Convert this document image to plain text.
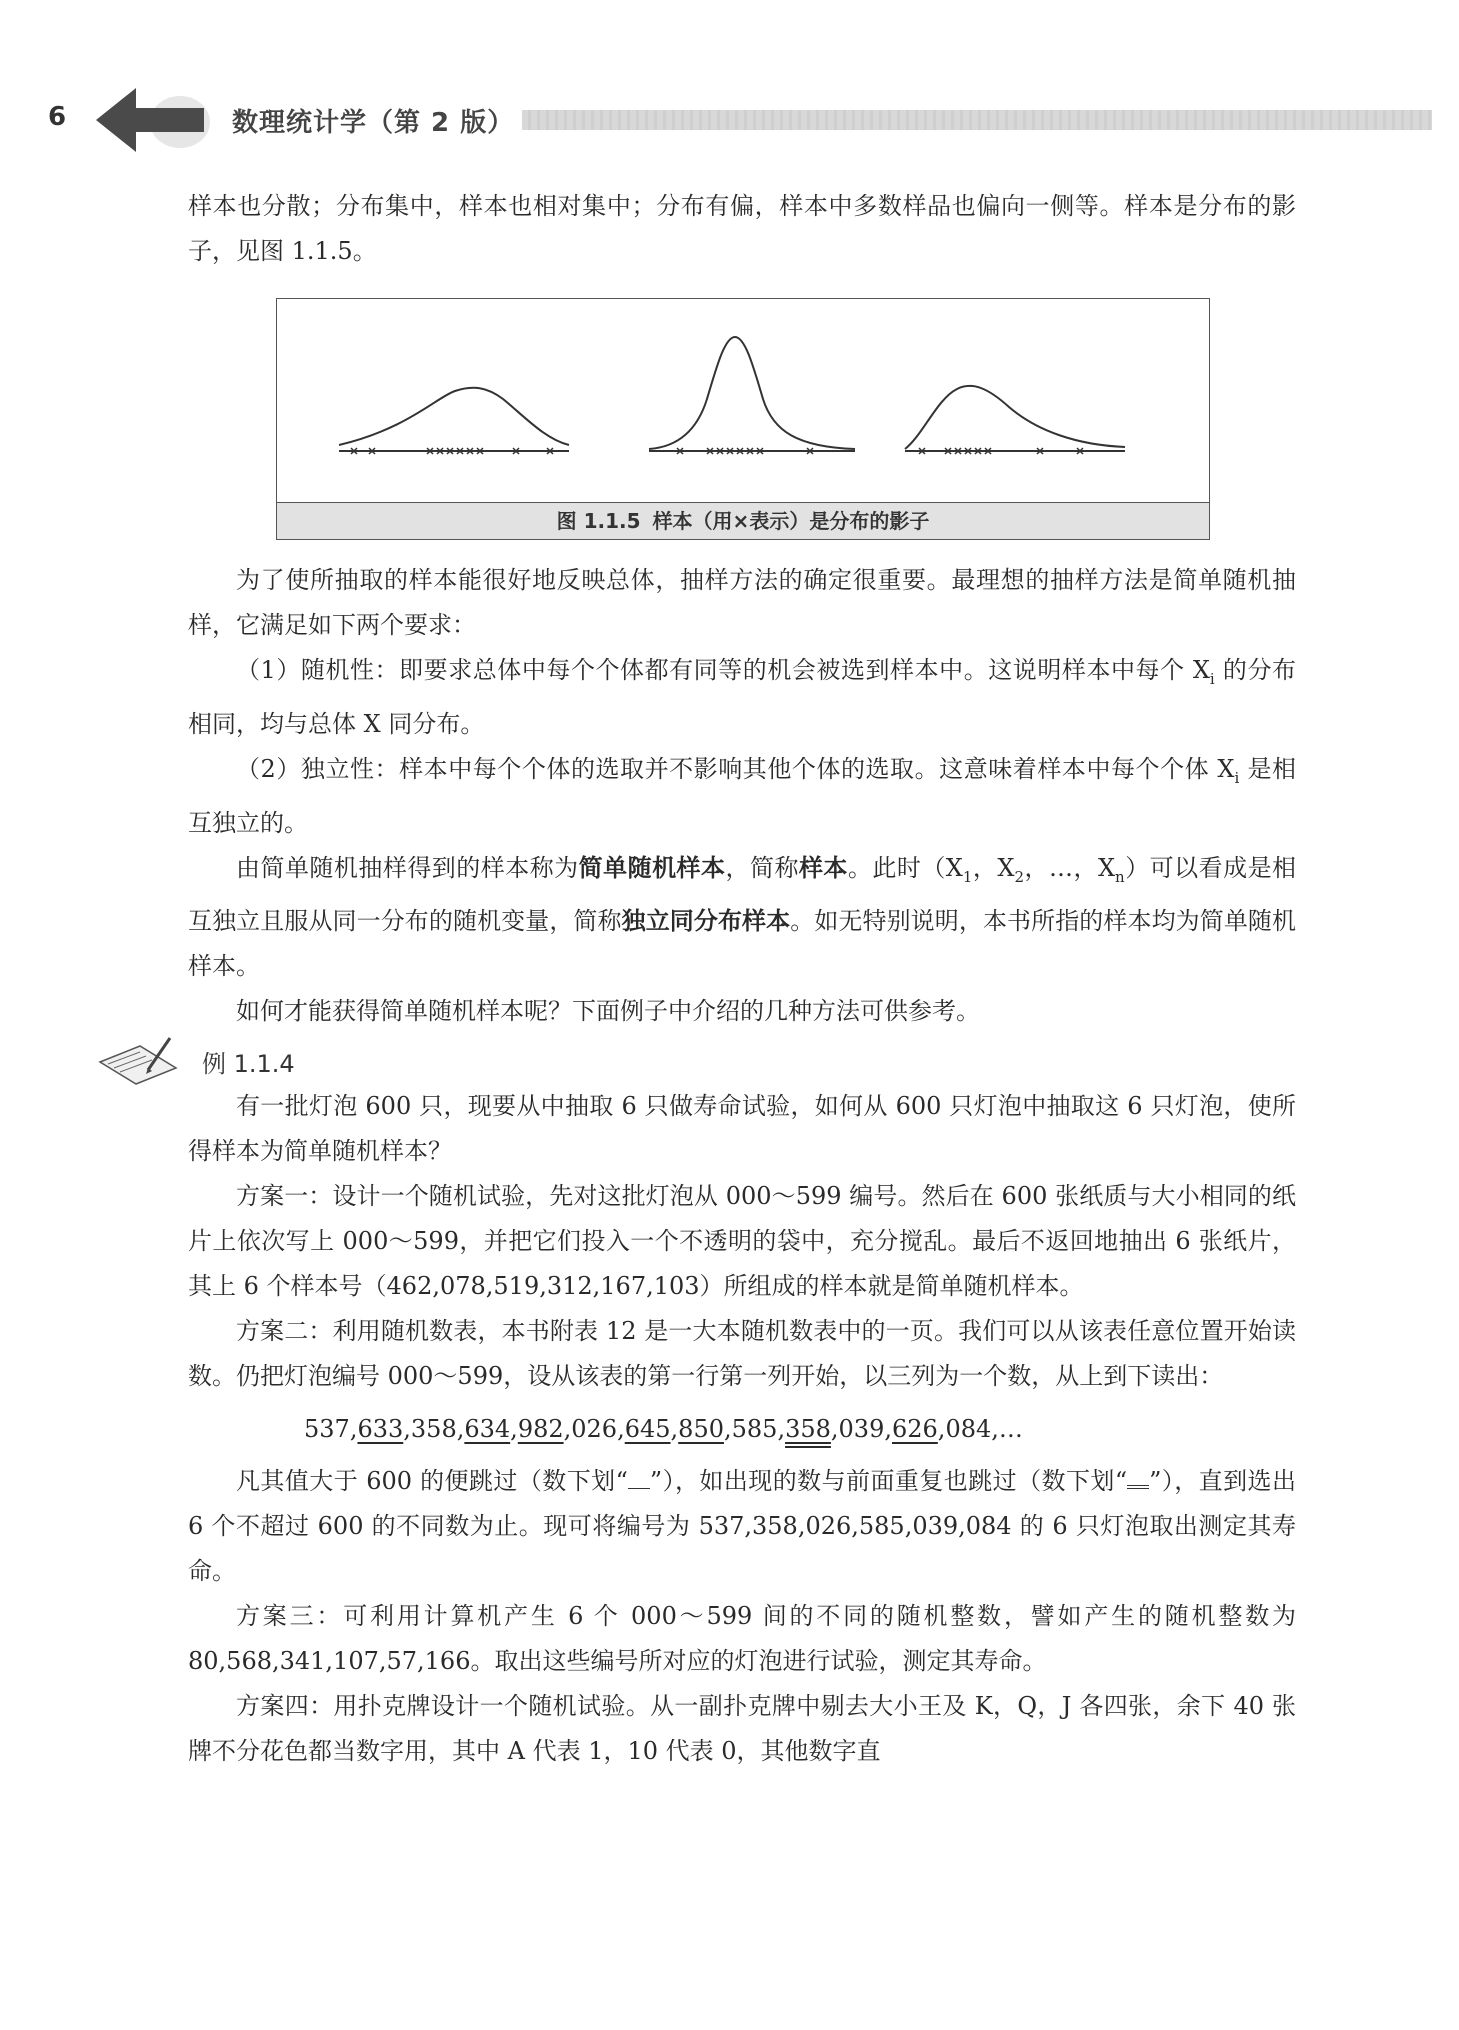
6	数理统计学（第 2 版）

样本也分散；分布集中，样本也相对集中；分布有偏，样本中多数样品也偏向一侧等。样本是分布的影子，见图 1.1.5。

图 1.1.5 样本（用×表示）是分布的影子

为了使所抽取的样本能很好地反映总体，抽样方法的确定很重要。最理想的抽样方法是简单随机抽样，它满足如下两个要求：

（1）随机性：即要求总体中每个个体都有同等的机会被选到样本中。这说明样本中每个 $X_i$ 的分布相同，均与总体 X 同分布。

（2）独立性：样本中每个个体的选取并不影响其他个体的选取。这意味着样本中每个个体 $X_i$ 是相互独立的。

由简单随机抽样得到的样本称为简单随机样本，简称样本。此时（$X_1$，$X_2$，…，$X_n$）可以看成是相互独立且服从同一分布的随机变量，简称独立同分布样本。如无特别说明，本书所指的样本均为简单随机样本。

如何才能获得简单随机样本呢？下面例子中介绍的几种方法可供参考。

例 1.1.4

有一批灯泡 600 只，现要从中抽取 6 只做寿命试验，如何从 600 只灯泡中抽取这 6 只灯泡，使所得样本为简单随机样本？

方案一：设计一个随机试验，先对这批灯泡从 000～599 编号。然后在 600 张纸质与大小相同的纸片上依次写上 000～599，并把它们投入一个不透明的袋中，充分搅乱。最后不返回地抽出 6 张纸片，其上 6 个样本号（462,078,519,312,167,103）所组成的样本就是简单随机样本。

方案二：利用随机数表，本书附表 12 是一大本随机数表中的一页。我们可以从该表任意位置开始读数。仍把灯泡编号 000～599，设从该表的第一行第一列开始，以三列为一个数，从上到下读出：

537,633,358,634,982,026,645,850,585,358,039,626,084,…

凡其值大于 600 的便跳过（数下划“ ”），如出现的数与前面重复也跳过（数下划“ ”），直到选出 6 个不超过 600 的不同数为止。现可将编号为 537,358,026,585,039,084 的 6 只灯泡取出测定其寿命。

方案三：可利用计算机产生 6 个 000～599 间的不同的随机整数，譬如产生的随机整数为 80,568,341,107,57,166。取出这些编号所对应的灯泡进行试验，测定其寿命。

方案四：用扑克牌设计一个随机试验。从一副扑克牌中剔去大小王及 K，Q，J 各四张，余下 40 张牌不分花色都当数字用，其中 A 代表 1，10 代表 0，其他数字直
